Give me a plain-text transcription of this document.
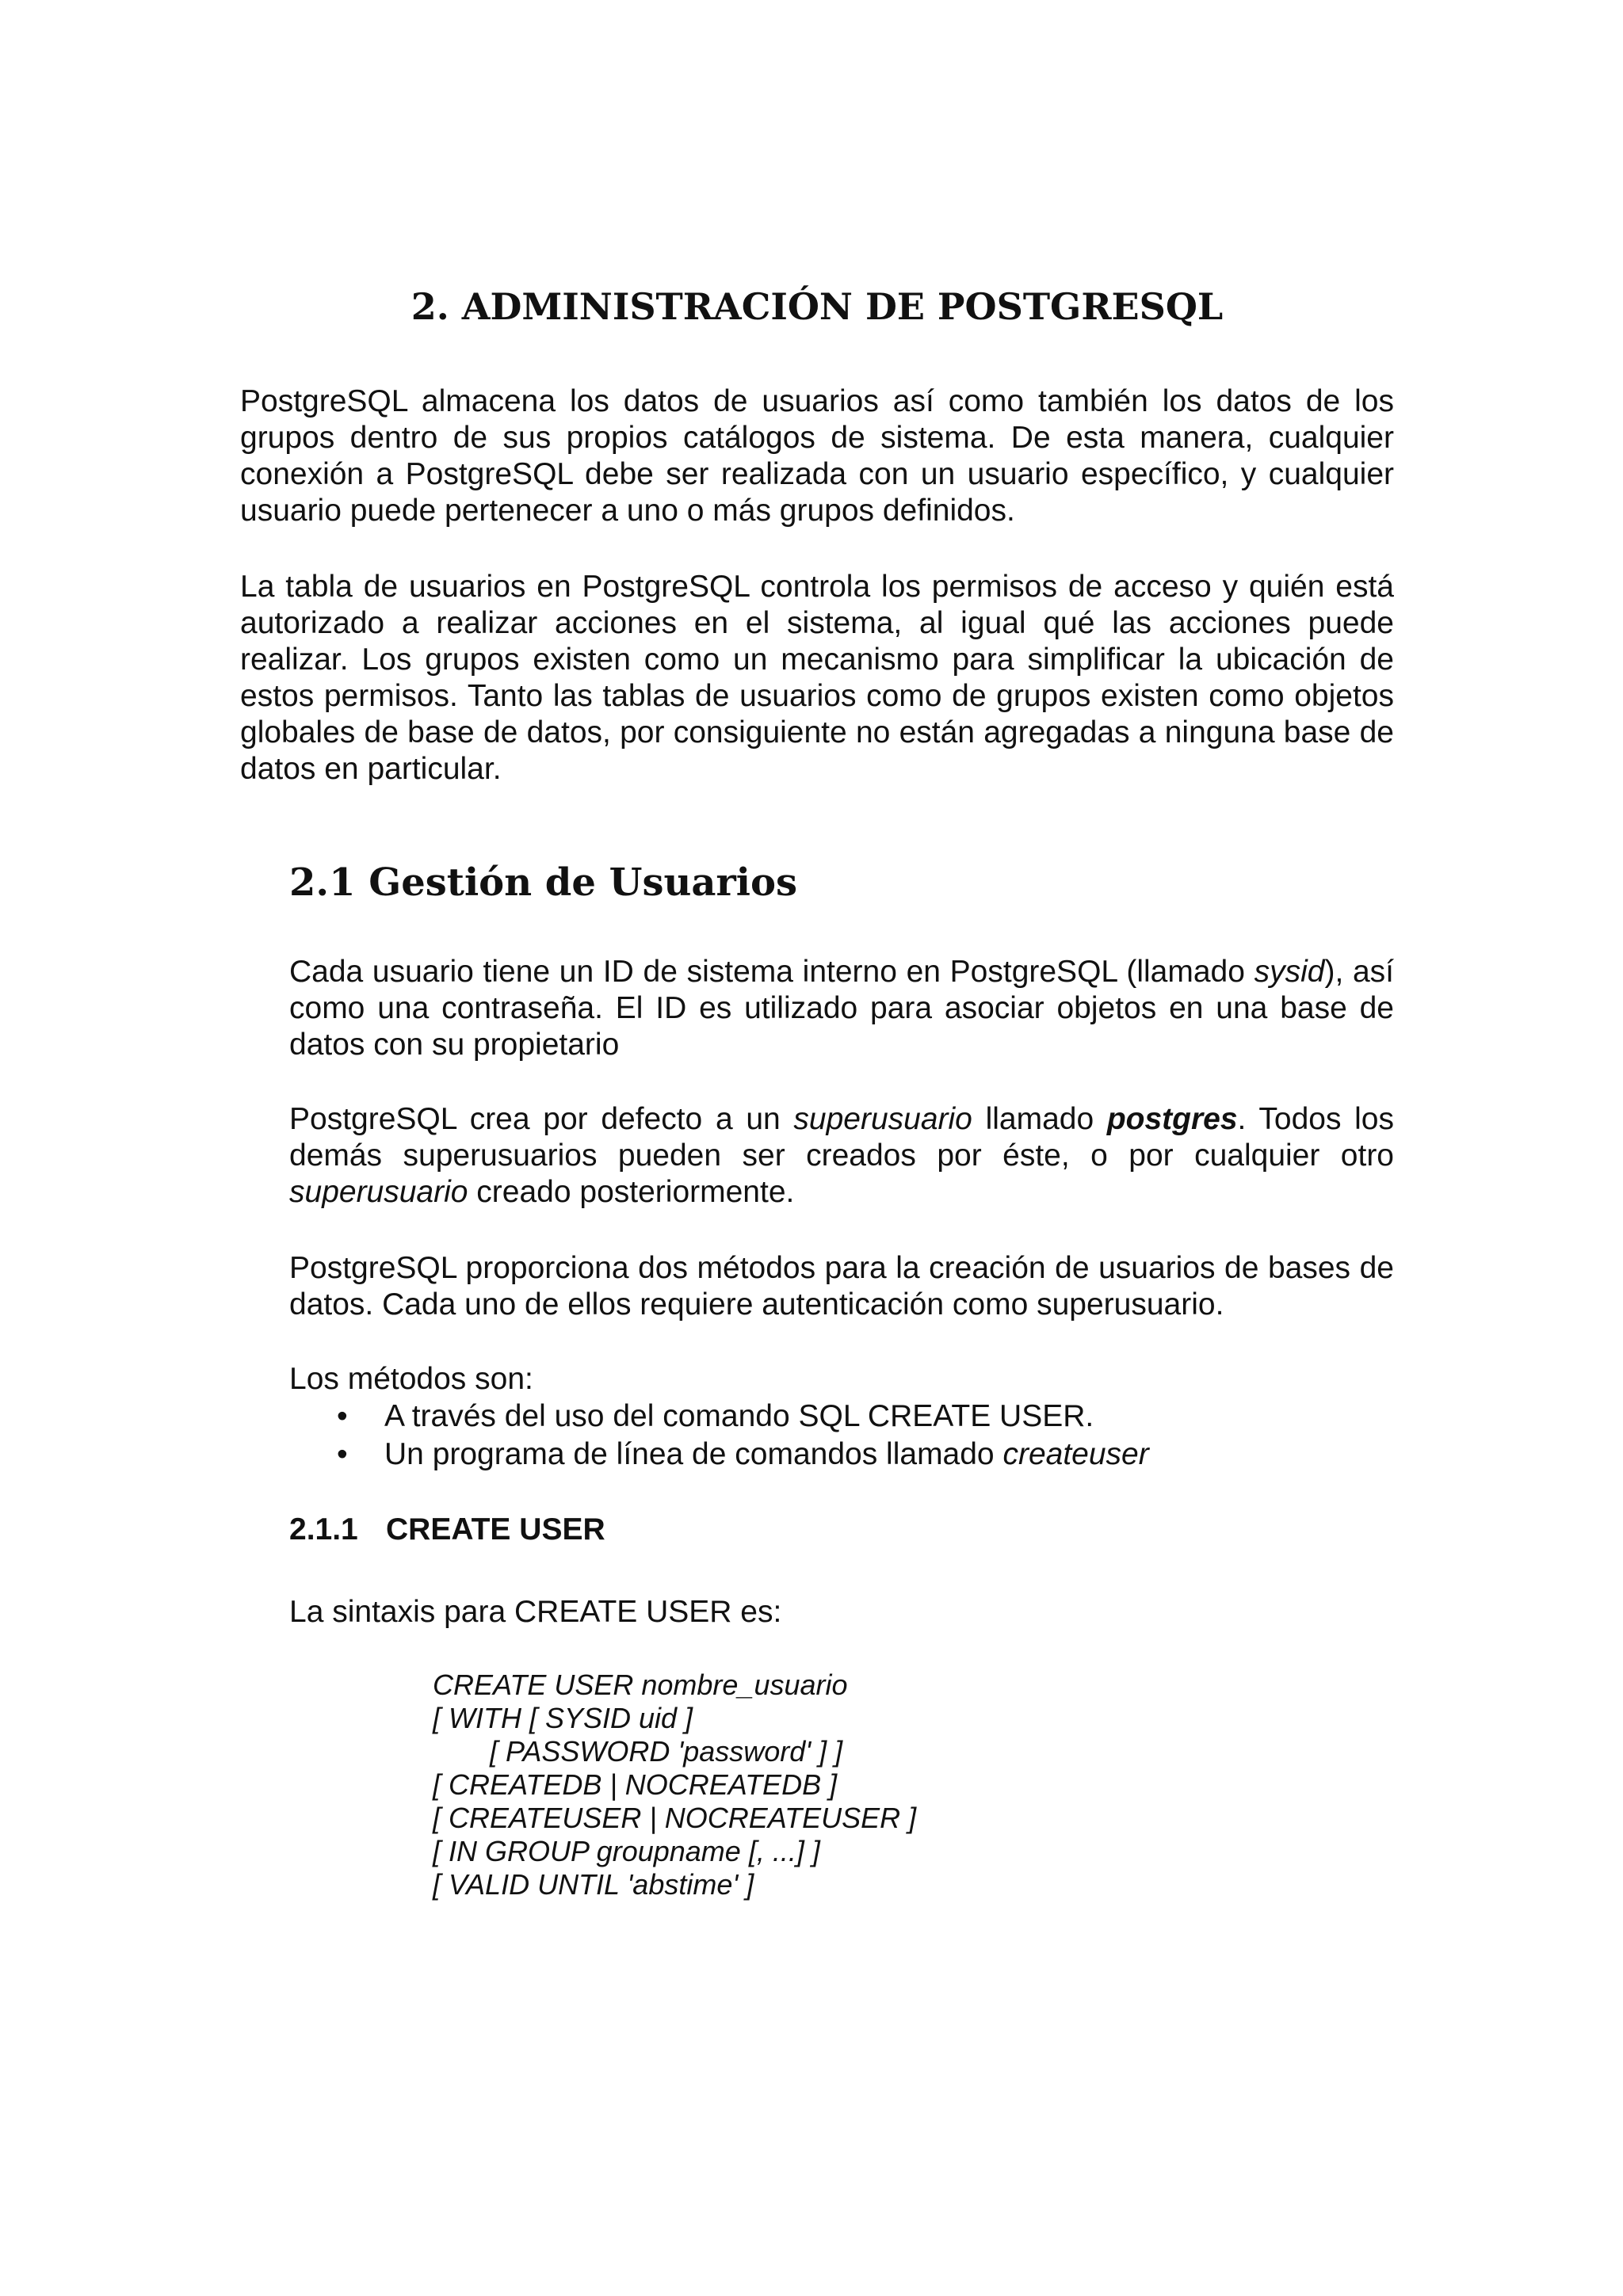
2. ADMINISTRACIÓN DE POSTGRESQL

PostgreSQL almacena los datos de usuarios así como también los datos de los grupos dentro de sus propios catálogos de sistema. De esta manera, cualquier conexión a PostgreSQL debe ser realizada con un usuario específico, y cualquier usuario puede pertenecer a uno o más grupos definidos.

La tabla de usuarios en PostgreSQL controla los permisos de acceso y quién está autorizado a realizar acciones en el sistema, al igual qué las acciones puede realizar. Los grupos existen como un mecanismo para simplificar la ubicación de estos permisos. Tanto las tablas de usuarios como de grupos existen como objetos globales de base de datos, por consiguiente no están agregadas a ninguna base de datos en particular.

2.1 Gestión de Usuarios

Cada usuario tiene un ID de sistema interno en PostgreSQL (llamado sysid), así como una contraseña. El ID es utilizado para asociar objetos en una base de datos con su propietario

PostgreSQL crea por defecto a un superusuario llamado postgres. Todos los demás superusuarios pueden ser creados por éste, o por cualquier otro superusuario creado posteriormente.

PostgreSQL proporciona dos métodos para la creación de usuarios de bases de datos. Cada uno de ellos requiere autenticación como superusuario.

Los métodos son:

• A través del uso del comando SQL CREATE USER.
• Un programa de línea de comandos llamado createuser
2.1.1 CREATE USER

La sintaxis para CREATE USER es:

CREATE USER nombre_usuario
[ WITH [ SYSID uid ]
[ PASSWORD 'password' ] ]
[ CREATEDB | NOCREATEDB ]
[ CREATEUSER | NOCREATEUSER ]
[ IN GROUP groupname [, ...] ]
[ VALID UNTIL 'abstime' ]
